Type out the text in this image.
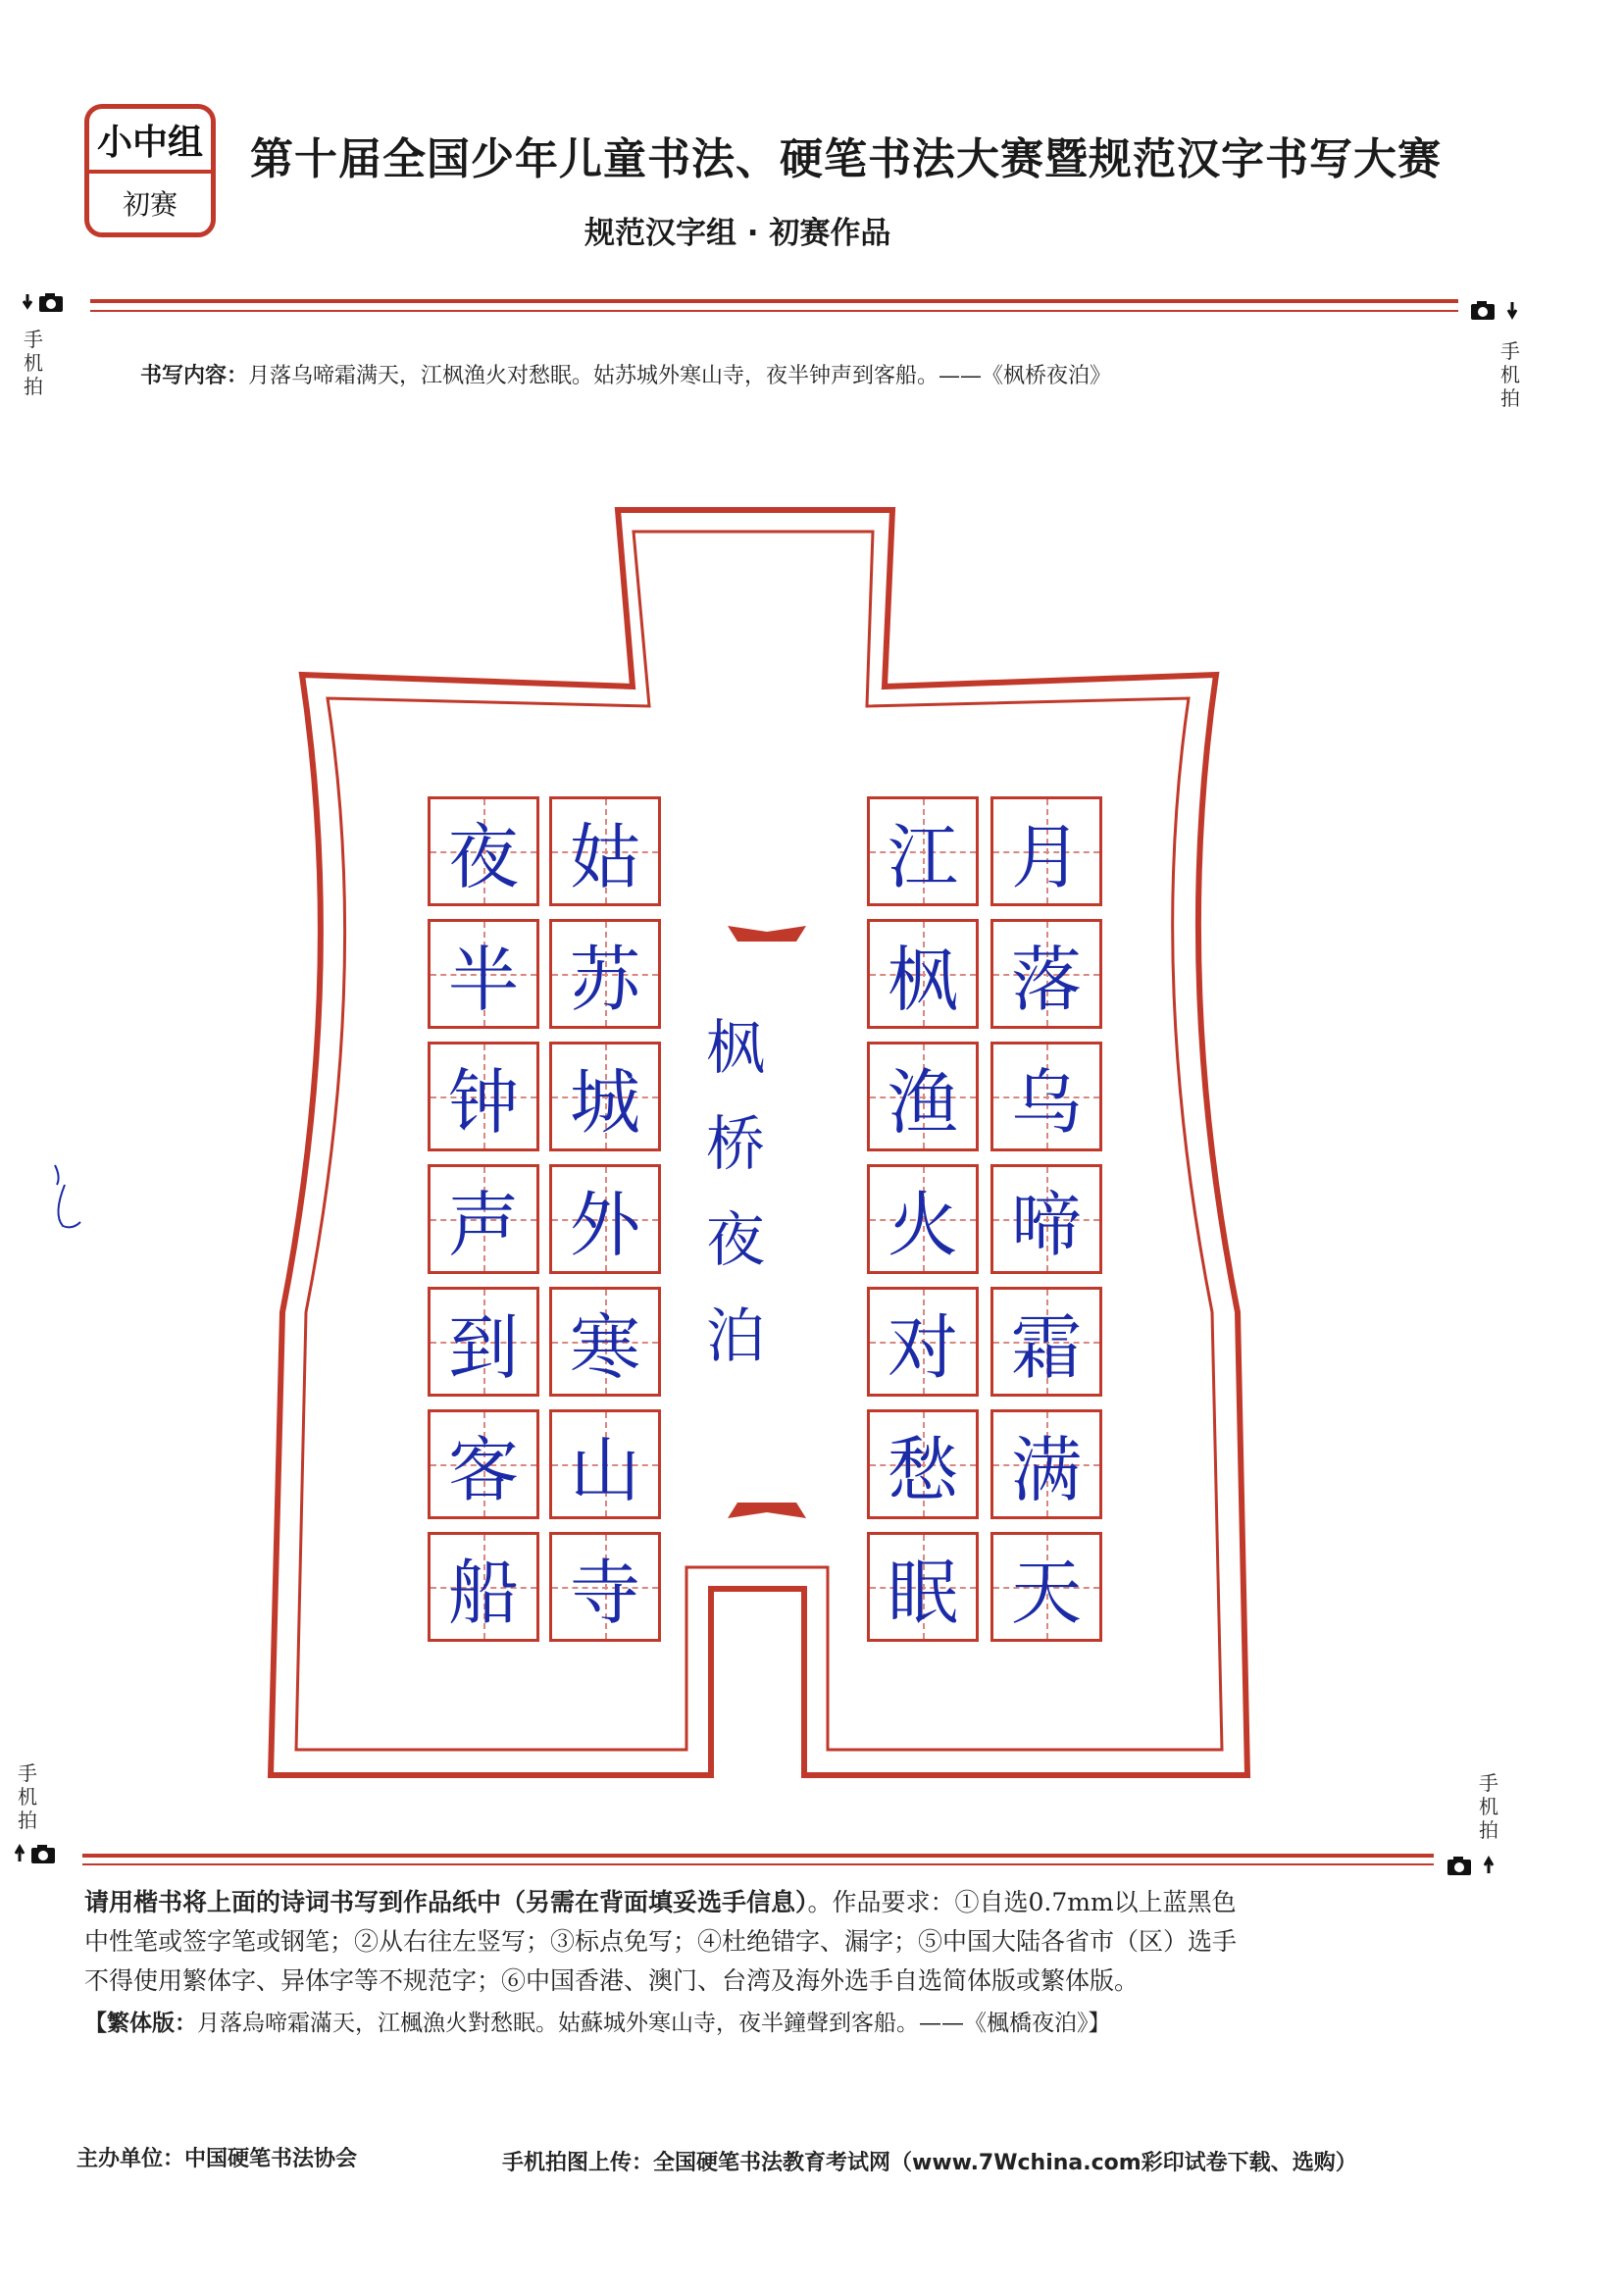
小中组
初赛
第十届全国少年儿童书法、硬笔书法大赛暨规范汉字书写大赛
规范汉字组 · 初赛作品
手机拍
手机拍
书写内容：月落乌啼霜满天，江枫渔火对愁眠。姑苏城外寒山寺，夜半钟声到客船。——《枫桥夜泊》
枫
桥
夜
泊
月
落
乌
啼
霜
满
天
江
枫
渔
火
对
愁
眠
姑
苏
城
外
寒
山
寺
夜
半
钟
声
到
客
船
手机拍
手机拍
请用楷书将上面的诗词书写到作品纸中（另需在背面填妥选手信息）。作品要求：①自选0.7mm以上蓝黑色
中性笔或签字笔或钢笔；②从右往左竖写；③标点免写；④杜绝错字、漏字；⑤中国大陆各省市（区）选手
不得使用繁体字、异体字等不规范字；⑥中国香港、澳门、台湾及海外选手自选简体版或繁体版。
【繁体版：月落烏啼霜滿天，江楓漁火對愁眠。姑蘇城外寒山寺，夜半鐘聲到客船。——《楓橋夜泊》】
主办单位：中国硬笔书法协会	手机拍图上传：全国硬笔书法教育考试网（www.7Wchina.com彩印试卷下载、选购）
